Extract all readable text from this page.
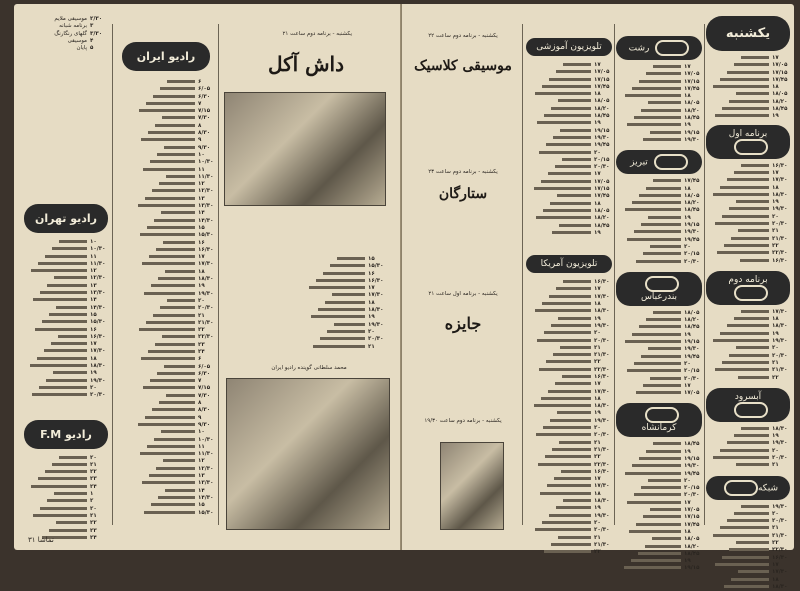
۲/۳۰موسیقی ملایم
۳برنامه شبانه
۳/۳۰گلهای رنگارنگ
۴موسیقی
۵پایان
رادیو تهران
۱۰
۱۰/۳۰
۱۱
۱۱/۳۰
۱۲
۱۲/۳۰
۱۳
۱۳/۳۰
۱۴
۱۴/۳۰
۱۵
۱۵/۳۰
۱۶
۱۶/۳۰
۱۷
۱۷/۳۰
۱۸
۱۸/۳۰
۱۹
۱۹/۳۰
۲۰
۲۰/۳۰
رادیو F.M
۲۰
۲۱
۲۲
۲۳
۲۴
۱
۲
۲۰
۲۱
۲۲
۲۳
۲۴
رادیو ایران
۶
۶/۰۵
۶/۳۰
۷
۷/۱۵
۷/۳۰
۸
۸/۳۰
۹
۹/۳۰
۱۰
۱۰/۳۰
۱۱
۱۱/۳۰
۱۲
۱۲/۳۰
۱۳
۱۳/۳۰
۱۴
۱۴/۳۰
۱۵
۱۵/۳۰
۱۶
۱۶/۳۰
۱۷
۱۷/۳۰
۱۸
۱۸/۳۰
۱۹
۱۹/۳۰
۲۰
۲۰/۳۰
۲۱
۲۱/۳۰
۲۲
۲۲/۳۰
۲۳
۲۴
۶
۶/۰۵
۶/۳۰
۷
۷/۱۵
۷/۳۰
۸
۸/۳۰
۹
۹/۳۰
۱۰
۱۰/۳۰
۱۱
۱۱/۳۰
۱۲
۱۲/۳۰
۱۳
۱۳/۳۰
۱۴
۱۴/۳۰
۱۵
۱۵/۳۰
یکشنبه - برنامه دوم ساعت ۲۱
داش آکل

۱۵
۱۵/۳۰
۱۶
۱۶/۳۰
۱۷
۱۷/۳۰
۱۸
۱۸/۳۰
۱۹
۱۹/۳۰
۲۰
۲۰/۳۰
۲۱
محمد سلطانی گوینده رادیو ایران
تماشا ۳۱
یکشنبه - برنامه دوم ساعت ۲۲
موسیقی کلاسیک

یکشنبه - برنامه دوم ساعت ۲۳
ستارگان

یکشنبه - برنامه اول ساعت ۲۱
جایزه

یکشنبه - برنامه دوم ساعت ۱۹/۳۰
تلویزیون آموزشی
۱۷
۱۷/۰۵
۱۷/۱۵
۱۷/۴۵
۱۸
۱۸/۰۵
۱۸/۲۰
۱۸/۴۵
۱۹
۱۹/۱۵
۱۹/۳۰
۱۹/۴۵
۲۰
۲۰/۱۵
۲۰/۳۰
۱۷
۱۷/۰۵
۱۷/۱۵
۱۷/۴۵
۱۸
۱۸/۰۵
۱۸/۲۰
۱۸/۴۵
۱۹
تلویزیون آمریکا
۱۶/۳۰
۱۷
۱۷/۳۰
۱۸
۱۸/۳۰
۱۹
۱۹/۳۰
۲۰
۲۰/۳۰
۲۱
۲۱/۳۰
۲۲
۲۲/۳۰
۱۶/۳۰
۱۷
۱۷/۳۰
۱۸
۱۸/۳۰
۱۹
۱۹/۳۰
۲۰
۲۰/۳۰
۲۱
۲۱/۳۰
۲۲
۲۲/۳۰
۱۶/۳۰
۱۷
۱۷/۳۰
۱۸
۱۸/۳۰
۱۹
۱۹/۳۰
۲۰
۲۰/۳۰
۲۱
۲۱/۳۰
۲۲
رشت
۱۷
۱۷/۰۵
۱۷/۱۵
۱۷/۴۵
۱۸
۱۸/۰۵
۱۸/۲۰
۱۸/۴۵
۱۹
۱۹/۱۵
۱۹/۳۰
تبریز
۱۷/۴۵
۱۸
۱۸/۰۵
۱۸/۲۰
۱۸/۴۵
۱۹
۱۹/۱۵
۱۹/۳۰
۱۹/۴۵
۲۰
۲۰/۱۵
۲۰/۳۰
بندرعباس
۱۸/۰۵
۱۸/۲۰
۱۸/۴۵
۱۹
۱۹/۱۵
۱۹/۳۰
۱۹/۴۵
۲۰
۲۰/۱۵
۲۰/۳۰
۱۷
۱۷/۰۵
کرمانشاه
۱۸/۴۵
۱۹
۱۹/۱۵
۱۹/۳۰
۱۹/۴۵
۲۰
۲۰/۱۵
۲۰/۳۰
۱۷
۱۷/۰۵
۱۷/۱۵
۱۷/۴۵
۱۸
۱۸/۰۵
۱۸/۲۰
۱۸/۴۵
۱۹
۱۹/۱۵
یکشنبه
۱۷
۱۷/۰۵
۱۷/۱۵
۱۷/۴۵
۱۸
۱۸/۰۵
۱۸/۲۰
۱۸/۴۵
۱۹
برنامه اول
۱۶/۳۰
۱۷
۱۷/۳۰
۱۸
۱۸/۳۰
۱۹
۱۹/۳۰
۲۰
۲۰/۳۰
۲۱
۲۱/۳۰
۲۲
۲۲/۳۰
۱۶/۳۰
برنامه دوم
۱۷/۳۰
۱۸
۱۸/۳۰
۱۹
۱۹/۳۰
۲۰
۲۰/۳۰
۲۱
۲۱/۳۰
۲۲
آبسرود
۱۸/۳۰
۱۹
۱۹/۳۰
۲۰
۲۰/۳۰
۲۱
شبکه
۱۹/۳۰
۲۰
۲۰/۳۰
۲۱
۲۱/۳۰
۲۲
۲۲/۳۰
۱۶/۳۰
۱۷
۱۷/۳۰
۱۸
۱۸/۳۰
